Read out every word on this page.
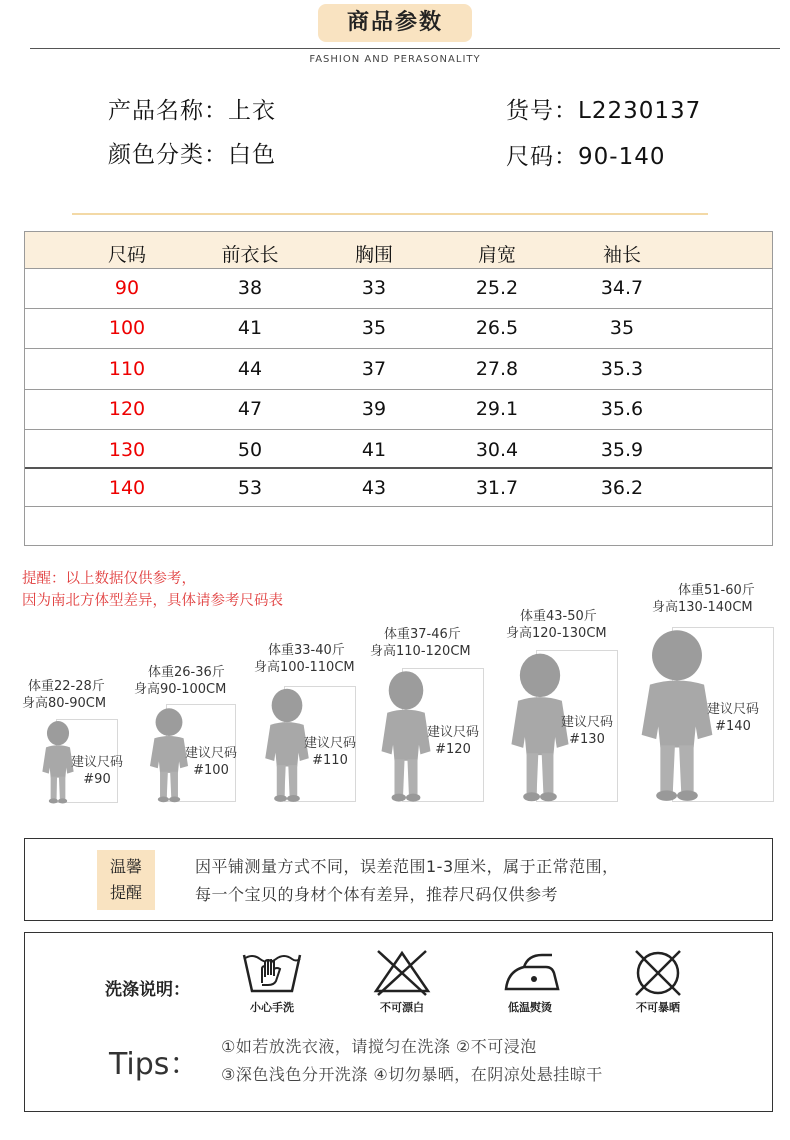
商品参数
FASHION AND PERASONALITY
产品名称：上衣
颜色分类：白色
货号：L2230137
尺码：90-140
尺码	前衣长	胸围	肩宽	袖长
90	38	33	25.2	34.7
100	41	35	26.5	35
110	44	37	27.8	35.3
120	47	39	29.1	35.6
130	50	41	30.4	35.9
140	53	43	31.7	36.2
提醒：以上数据仅供参考，
因为南北方体型差异，具体请参考尺码表
体重22-28斤
身高80-90CM
建议尺码
#90
体重26-36斤
身高90-100CM
建议尺码
#100
体重33-40斤
身高100-110CM
建议尺码
#110
体重37-46斤
身高110-120CM
建议尺码
#120
体重43-50斤
身高120-130CM
建议尺码
#130
体重51-60斤
身高130-140CM
建议尺码
#140
温馨
提醒
因平铺测量方式不同，误差范围1-3厘米，属于正常范围，
每一个宝贝的身材个体有差异，推荐尺码仅供参考
洗涤说明：
小心手洗	不可漂白	低温熨烫	不可暴晒
Tips：
①如若放洗衣液，请搅匀在洗涤 ②不可浸泡
③深色浅色分开洗涤 ④切勿暴晒，在阴凉处悬挂晾干
